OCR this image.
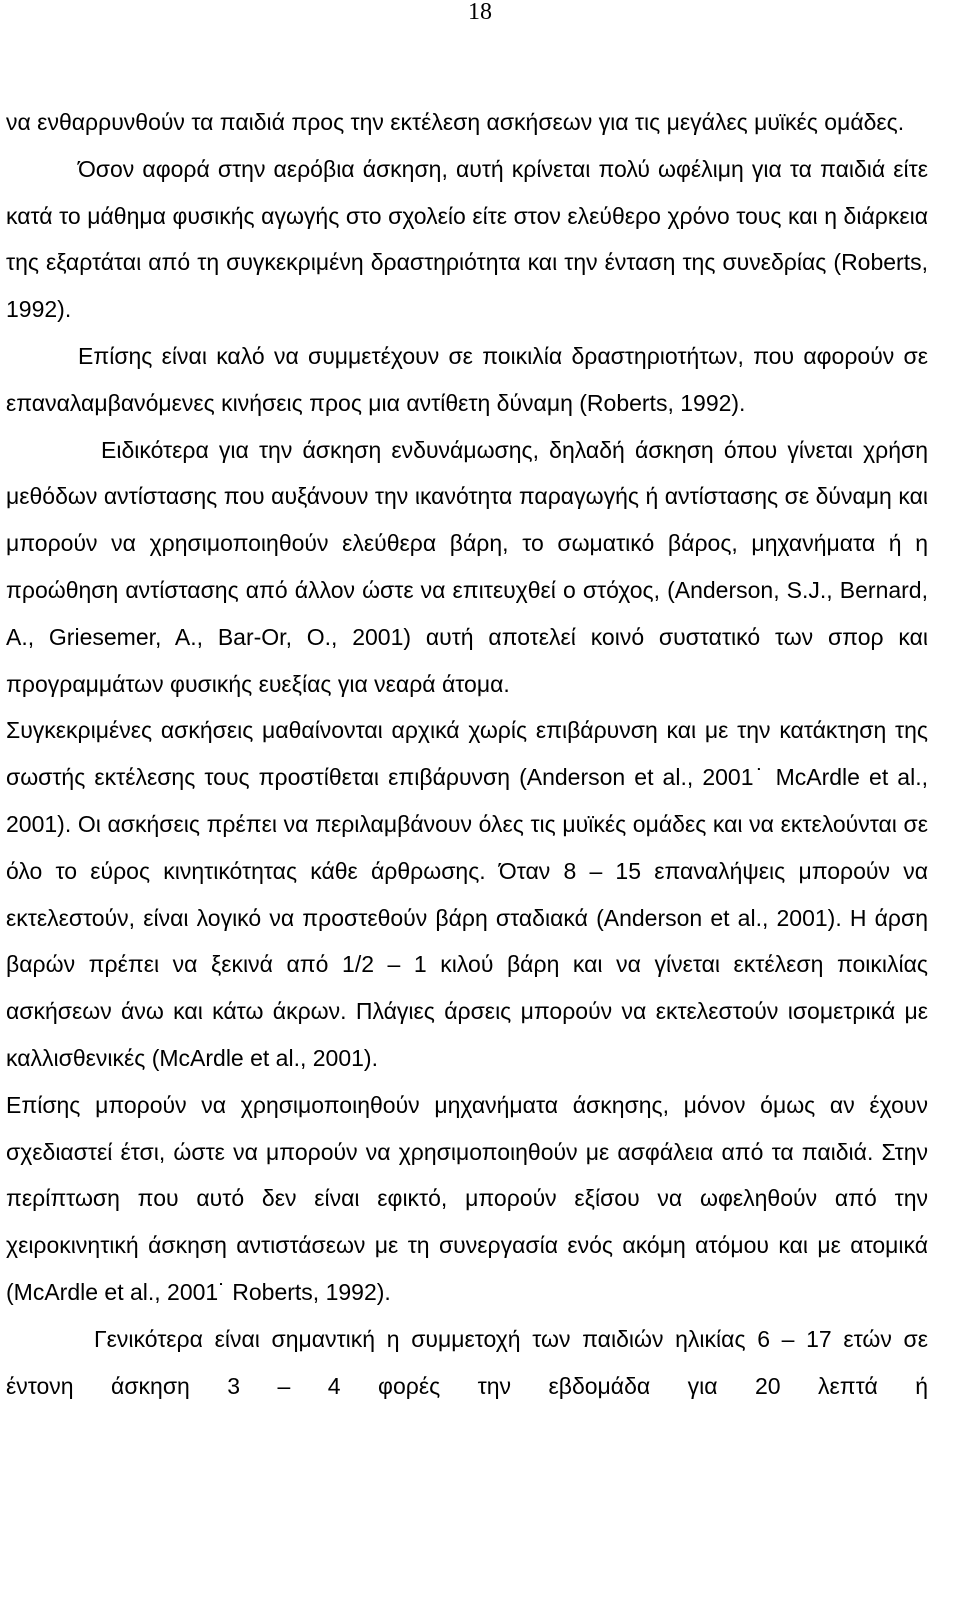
18

να ενθαρρυνθούν τα παιδιά προς την εκτέλεση ασκήσεων για τις μεγάλες μυϊκές ομάδες.

Όσον αφορά στην αερόβια άσκηση, αυτή κρίνεται πολύ ωφέλιμη για τα παιδιά είτε κατά το μάθημα φυσικής αγωγής στο σχολείο είτε στον ελεύθερο χρόνο τους και η διάρκεια της εξαρτάται από τη συγκεκριμένη δραστηριότητα και την ένταση της συνεδρίας (Roberts, 1992).

Επίσης είναι καλό να συμμετέχουν σε ποικιλία δραστηριοτήτων, που αφορούν σε επαναλαμβανόμενες κινήσεις προς μια αντίθετη δύναμη (Roberts, 1992).

Ειδικότερα για την άσκηση ενδυνάμωσης, δηλαδή άσκηση όπου γίνεται χρήση μεθόδων αντίστασης που αυξάνουν την ικανότητα παραγωγής ή αντίστασης σε δύναμη και μπορούν να χρησιμοποιηθούν ελεύθερα βάρη, το σωματικό βάρος, μηχανήματα ή η προώθηση αντίστασης από άλλον ώστε να επιτευχθεί ο στόχος, (Anderson, S.J., Bernard, A., Griesemer, A., Bar-Or, O., 2001) αυτή αποτελεί κοινό συστατικό των σπορ και προγραμμάτων φυσικής ευεξίας για νεαρά άτομα.

Συγκεκριμένες ασκήσεις μαθαίνονται αρχικά χωρίς επιβάρυνση και με την κατάκτηση της σωστής εκτέλεσης τους προστίθεται επιβάρυνση (Anderson et al., 2001˙ McArdle et al., 2001). Οι ασκήσεις πρέπει να περιλαμβάνουν όλες τις μυϊκές ομάδες και να εκτελούνται σε όλο το εύρος κινητικότητας κάθε άρθρωσης. Όταν 8 – 15 επαναλήψεις μπορούν να εκτελεστούν, είναι λογικό να προστεθούν βάρη σταδιακά (Anderson et al., 2001). Η άρση βαρών πρέπει να ξεκινά από 1/2 – 1 κιλού βάρη και να γίνεται εκτέλεση ποικιλίας ασκήσεων άνω και κάτω άκρων. Πλάγιες άρσεις μπορούν να εκτελεστούν ισομετρικά με καλλισθενικές (McArdle et al., 2001).

Επίσης μπορούν να χρησιμοποιηθούν μηχανήματα άσκησης, μόνον όμως αν έχουν σχεδιαστεί έτσι, ώστε να μπορούν να χρησιμοποιηθούν με ασφάλεια από τα παιδιά. Στην περίπτωση που αυτό δεν είναι εφικτό, μπορούν εξίσου να ωφεληθούν από την χειροκινητική άσκηση αντιστάσεων με τη συνεργασία ενός ακόμη ατόμου και με ατομικά (McArdle et al., 2001˙ Roberts, 1992).

Γενικότερα είναι σημαντική η συμμετοχή των παιδιών ηλικίας 6 – 17 ετών σε έντονη άσκηση 3 – 4 φορές την εβδομάδα για 20 λεπτά ή
